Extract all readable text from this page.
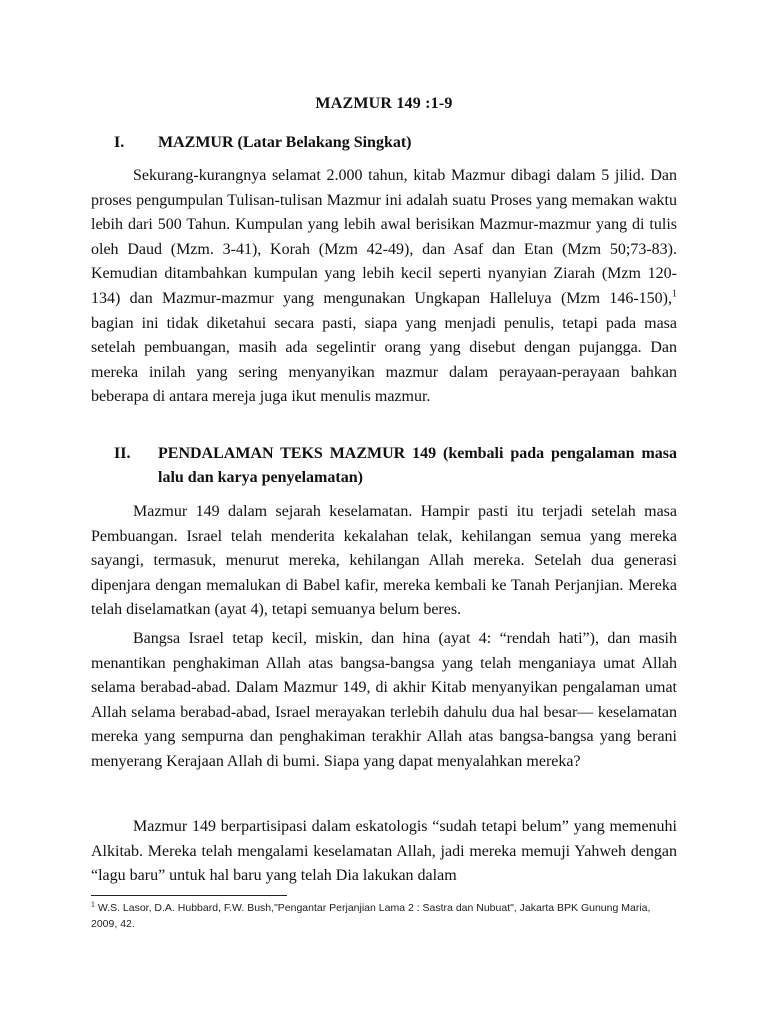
MAZMUR 149 :1-9
I. MAZMUR (Latar Belakang Singkat)

Sekurang-kurangnya selamat 2.000 tahun, kitab Mazmur dibagi dalam 5 jilid. Dan proses pengumpulan Tulisan-tulisan Mazmur ini adalah suatu Proses yang memakan waktu lebih dari 500 Tahun. Kumpulan yang lebih awal berisikan Mazmur-mazmur yang di tulis oleh Daud (Mzm. 3-41), Korah (Mzm 42-49), dan Asaf dan Etan (Mzm 50;73-83). Kemudian ditambahkan kumpulan yang lebih kecil seperti nyanyian Ziarah (Mzm 120-134) dan Mazmur-mazmur yang mengunakan Ungkapan Halleluya (Mzm 146-150),$^1$ bagian ini tidak diketahui secara pasti, siapa yang menjadi penulis, tetapi pada masa setelah pembuangan, masih ada segelintir orang yang disebut dengan pujangga. Dan mereka inilah yang sering menyanyikan mazmur dalam perayaan-perayaan bahkan beberapa di antara mereja juga ikut menulis mazmur.

II. PENDALAMAN TEKS MAZMUR 149 (kembali pada pengalaman masa lalu dan karya penyelamatan)

Mazmur 149 dalam sejarah keselamatan. Hampir pasti itu terjadi setelah masa Pembuangan. Israel telah menderita kekalahan telak, kehilangan semua yang mereka sayangi, termasuk, menurut mereka, kehilangan Allah mereka. Setelah dua generasi dipenjara dengan memalukan di Babel kafir, mereka kembali ke Tanah Perjanjian. Mereka telah diselamatkan (ayat 4), tetapi semuanya belum beres.

Bangsa Israel tetap kecil, miskin, dan hina (ayat 4: “rendah hati”), dan masih menantikan penghakiman Allah atas bangsa-bangsa yang telah menganiaya umat Allah selama berabad-abad. Dalam Mazmur 149, di akhir Kitab menyanyikan pengalaman umat Allah selama berabad-abad, Israel merayakan terlebih dahulu dua hal besar— keselamatan mereka yang sempurna dan penghakiman terakhir Allah atas bangsa-bangsa yang berani menyerang Kerajaan Allah di bumi. Siapa yang dapat menyalahkan mereka?

Mazmur 149 berpartisipasi dalam eskatologis “sudah tetapi belum” yang memenuhi Alkitab. Mereka telah mengalami keselamatan Allah, jadi mereka memuji Yahweh dengan “lagu baru” untuk hal baru yang telah Dia lakukan dalam

$^1$ W.S. Lasor, D.A. Hubbard, F.W. Bush,"Pengantar Perjanjian Lama 2 : Sastra dan Nubuat", Jakarta BPK Gunung Maria, 2009, 42.
